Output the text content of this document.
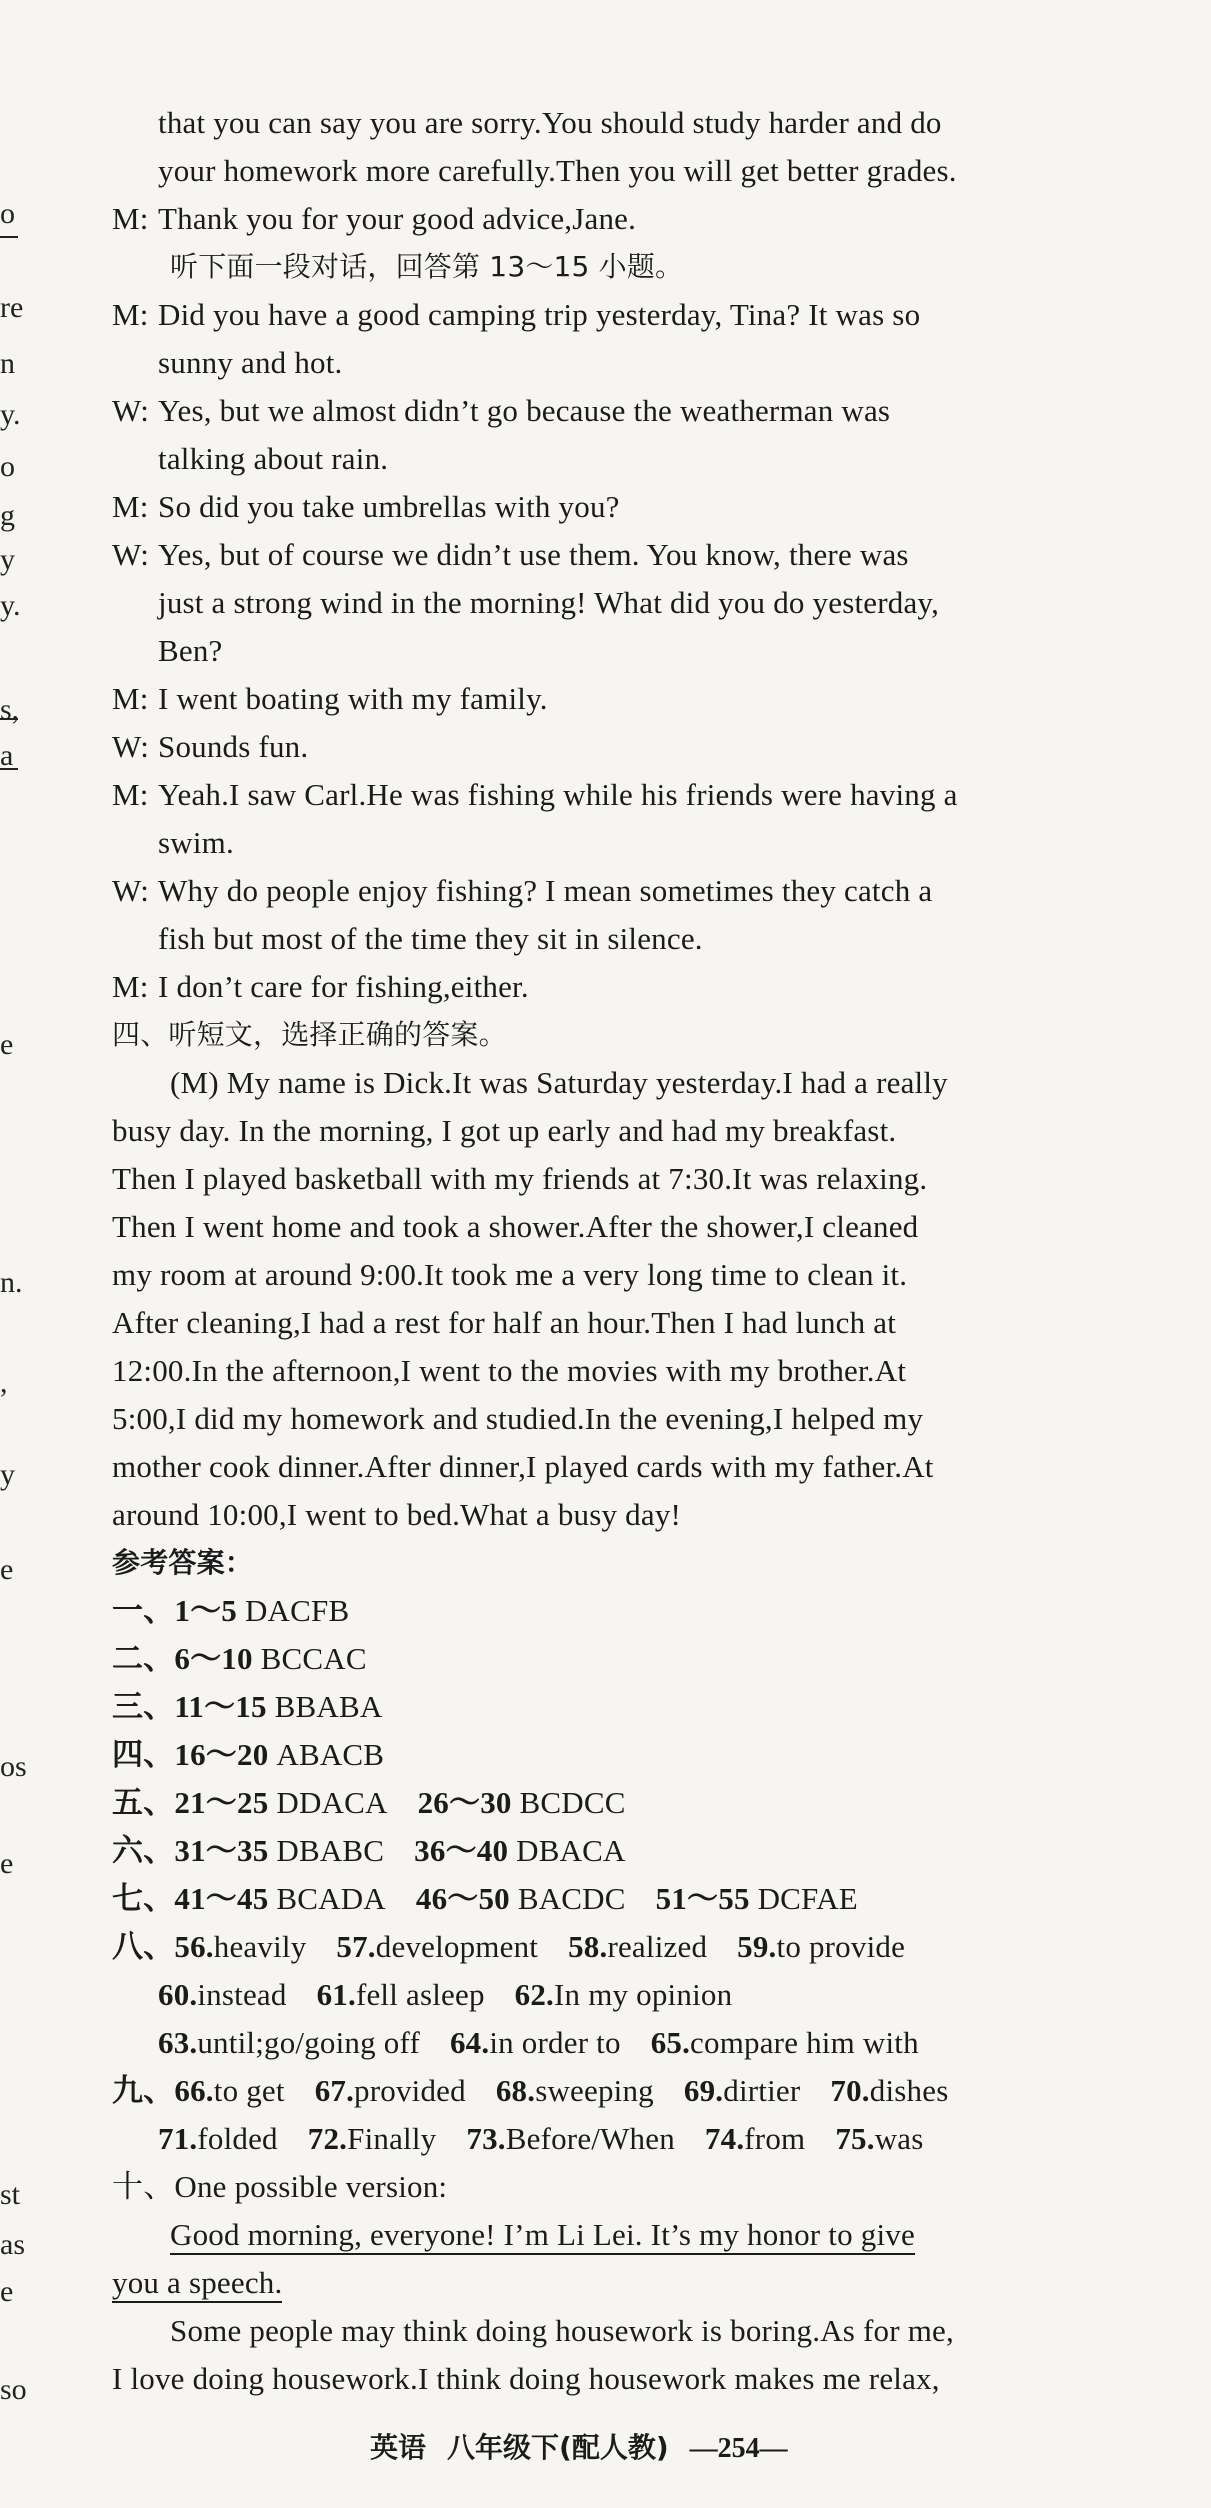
o
re
n
y.
o
g
y
y.
s,
a
e
n.
,
y
e
os
e
st
as
e
so
that you can say you are sorry.You should study harder and do
your homework more carefully.Then you will get better grades.
M: Thank you for your good advice,Jane.
听下面一段对话，回答第 13～15 小题。
M: Did you have a good camping trip yesterday, Tina? It was so
sunny and hot.
W: Yes, but we almost didn’t go because the weatherman was
talking about rain.
M: So did you take umbrellas with you?
W: Yes, but of course we didn’t use them. You know, there was
just a strong wind in the morning! What did you do yesterday,
Ben?
M: I went boating with my family.
W: Sounds fun.
M: Yeah.I saw Carl.He was fishing while his friends were having a
swim.
W: Why do people enjoy fishing? I mean sometimes they catch a
fish but most of the time they sit in silence.
M: I don’t care for fishing,either.
四、听短文，选择正确的答案。
(M) My name is Dick.It was Saturday yesterday.I had a really
busy day. In the morning, I got up early and had my breakfast.
Then I played basketball with my friends at 7:30.It was relaxing.
Then I went home and took a shower.After the shower,I cleaned
my room at around 9:00.It took me a very long time to clean it.
After cleaning,I had a rest for half an hour.Then I had lunch at
12:00.In the afternoon,I went to the movies with my brother.At
5:00,I did my homework and studied.In the evening,I helped my
mother cook dinner.After dinner,I played cards with my father.At
around 10:00,I went to bed.What a busy day!
参考答案：
一、1～5 DACFB
二、6～10 BCCAC
三、11～15 BBABA
四、16～20 ABACB
五、21～25 DDACA 26～30 BCDCC
六、31～35 DBABC 36～40 DBACA
七、41～45 BCADA 46～50 BACDC 51～55 DCFAE
八、56.heavily 57.development 58.realized 59.to provide
60.instead 61.fell asleep 62.In my opinion
63.until;go/going off 64.in order to 65.compare him with
九、66.to get 67.provided 68.sweeping 69.dirtier 70.dishes
71.folded 72.Finally 73.Before/When 74.from 75.was
十、One possible version:
Good morning, everyone! I’m Li Lei. It’s my honor to give
you a speech.
Some people may think doing housework is boring.As for me,
I love doing housework.I think doing housework makes me relax,
英语 八年级下(配人教) —254—
